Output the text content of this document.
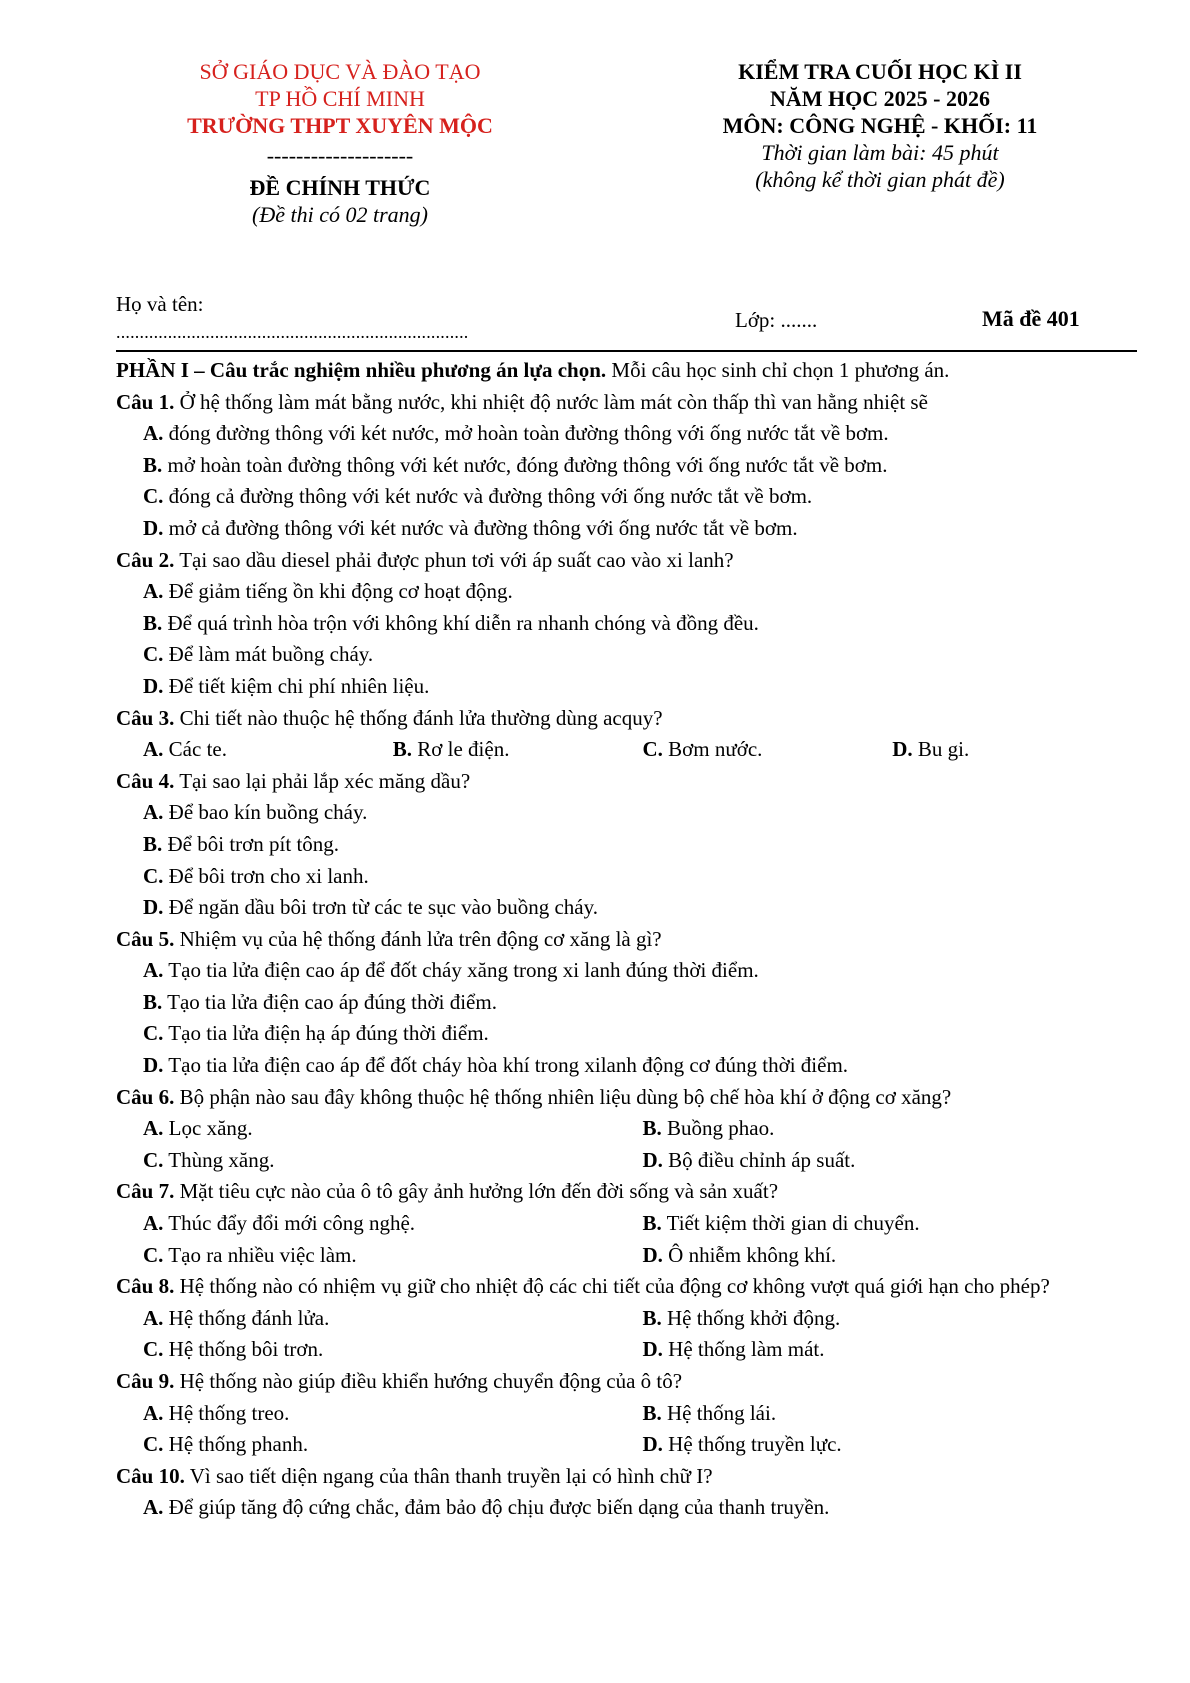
SỞ GIÁO DỤC VÀ ĐÀO TẠO
TP HỒ CHÍ MINH
TRƯỜNG THPT XUYÊN MỘC
--------------------
ĐỀ CHÍNH THỨC
(Đề thi có 02 trang)
KIỂM TRA CUỐI HỌC KÌ II
NĂM HỌC 2025 - 2026
MÔN: CÔNG NGHỆ - KHỐI: 11
Thời gian làm bài: 45 phút
(không kể thời gian phát đề)
Họ và tên:
...........................................................................	Lớp: .......	Mã đề 401

PHẦN I – Câu trắc nghiệm nhiều phương án lựa chọn. Mỗi câu học sinh chỉ chọn 1 phương án.

Câu 1. Ở hệ thống làm mát bằng nước, khi nhiệt độ nước làm mát còn thấp thì van hằng nhiệt sẽ

A. đóng đường thông với két nước, mở hoàn toàn đường thông với ống nước tắt về bơm.

B. mở hoàn toàn đường thông với két nước, đóng đường thông với ống nước tắt về bơm.

C. đóng cả đường thông với két nước và đường thông với ống nước tắt về bơm.

D. mở cả đường thông với két nước và đường thông với ống nước tắt về bơm.

Câu 2. Tại sao dầu diesel phải được phun tơi với áp suất cao vào xi lanh?

A. Để giảm tiếng ồn khi động cơ hoạt động.

B. Để quá trình hòa trộn với không khí diễn ra nhanh chóng và đồng đều.

C. Để làm mát buồng cháy.

D. Để tiết kiệm chi phí nhiên liệu.

Câu 3. Chi tiết nào thuộc hệ thống đánh lửa thường dùng acquy?

A. Các te.	B. Rơ le điện.	C. Bơm nước.	D. Bu gi.

Câu 4. Tại sao lại phải lắp xéc măng dầu?

A. Để bao kín buồng cháy.

B. Để bôi trơn pít tông.

C. Để bôi trơn cho xi lanh.

D. Để ngăn dầu bôi trơn từ các te sục vào buồng cháy.

Câu 5. Nhiệm vụ của hệ thống đánh lửa trên động cơ xăng là gì?

A. Tạo tia lửa điện cao áp để đốt cháy xăng trong xi lanh đúng thời điểm.

B. Tạo tia lửa điện cao áp đúng thời điểm.

C. Tạo tia lửa điện hạ áp đúng thời điểm.

D. Tạo tia lửa điện cao áp để đốt cháy hòa khí trong xilanh động cơ đúng thời điểm.

Câu 6. Bộ phận nào sau đây không thuộc hệ thống nhiên liệu dùng bộ chế hòa khí ở động cơ xăng?

A. Lọc xăng.	B. Buồng phao.
C. Thùng xăng.	D. Bộ điều chỉnh áp suất.

Câu 7. Mặt tiêu cực nào của ô tô gây ảnh hưởng lớn đến đời sống và sản xuất?

A. Thúc đẩy đổi mới công nghệ.	B. Tiết kiệm thời gian di chuyển.
C. Tạo ra nhiều việc làm.	D. Ô nhiễm không khí.

Câu 8. Hệ thống nào có nhiệm vụ giữ cho nhiệt độ các chi tiết của động cơ không vượt quá giới hạn cho phép?

A. Hệ thống đánh lửa.	B. Hệ thống khởi động.
C. Hệ thống bôi trơn.	D. Hệ thống làm mát.

Câu 9. Hệ thống nào giúp điều khiển hướng chuyển động của ô tô?

A. Hệ thống treo.	B. Hệ thống lái.
C. Hệ thống phanh.	D. Hệ thống truyền lực.

Câu 10. Vì sao tiết diện ngang của thân thanh truyền lại có hình chữ I?

A. Để giúp tăng độ cứng chắc, đảm bảo độ chịu được biến dạng của thanh truyền.
